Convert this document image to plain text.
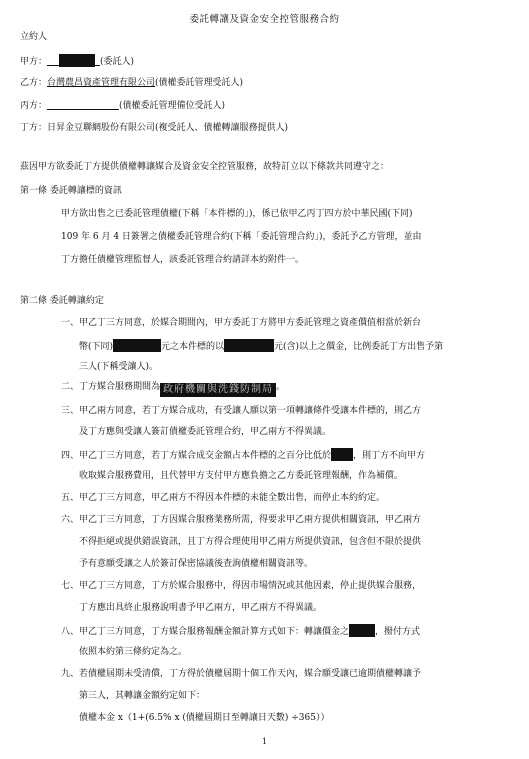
委託轉讓及資金安全控管服務合約
立約人
甲方：	(委託人)
乙方：台灣農昌資產管理有限公司(債權委託管理受託人)
丙方：	(債權委託管理備位受託人)
丁方：日昇金豆聯網股份有限公司(複受託人、債權轉讓服務提供人)
茲因甲方欲委託丁方提供債權轉讓媒合及資金安全控管服務，故特訂立以下條款共同遵守之：
第一條 委託轉讓標的資訊
甲方欲出售之已委託管理債權(下稱「本件標的」)，係已依甲乙丙丁四方於中華民國(下同)
109 年 6 月 4 日簽署之債權委託管理合約(下稱「委託管理合約」)，委託予乙方管理，並由
丁方擔任債權管理監督人，該委託管理合約請詳本約附件一。
第二條 委託轉讓約定
一、甲乙丁三方同意，於媒合期間內，甲方委託丁方將甲方委託管理之資產價值相當於新台
幣(下同)	元之本件標的以	元(含)以上之價金，比例委託丁方出售予第
三人(下稱受讓人)。
二、丁方媒合服務期間為 政府機關與洗錢防制局 。
三、甲乙兩方同意，若丁方媒合成功，有受讓人願以第一項轉讓條件受讓本件標的，則乙方
及丁方應與受讓人簽訂債權委託管理合約，甲乙兩方不得異議。
四、甲乙丁三方同意，若丁方媒合成交金額占本件標的之百分比低於 ，則丁方不向甲方
收取媒合服務費用，且代替甲方支付甲方應負擔之乙方委託管理報酬，作為補償。
五、甲乙丁三方同意，甲乙兩方不得因本件標的未能全數出售，而停止本約約定。
六、甲乙丁三方同意，丁方因媒合服務業務所需，得要求甲乙兩方提供相關資訊，甲乙兩方
不得拒絕或提供錯誤資訊，且丁方得合理使用甲乙兩方所提供資訊，包含但不限於提供
予有意願受讓之人於簽訂保密協議後查詢債權相關資訊等。
七、甲乙丁三方同意，丁方於媒合服務中，得因市場情況或其他因素，停止提供媒合服務，
丁方應出具終止服務說明書予甲乙兩方，甲乙兩方不得異議。
八、甲乙丁三方同意，丁方媒合服務報酬金額計算方式如下：轉讓價金之	，撥付方式
依照本約第三條約定為之。
九、若債權屆期未受清償，丁方得於債權屆期十個工作天內，媒合願受讓已逾期債權轉讓予
第三人，其轉讓金額約定如下：
債權本金 x（1+(6.5% x (債權屆期日至轉讓日天數) ÷365））
1
